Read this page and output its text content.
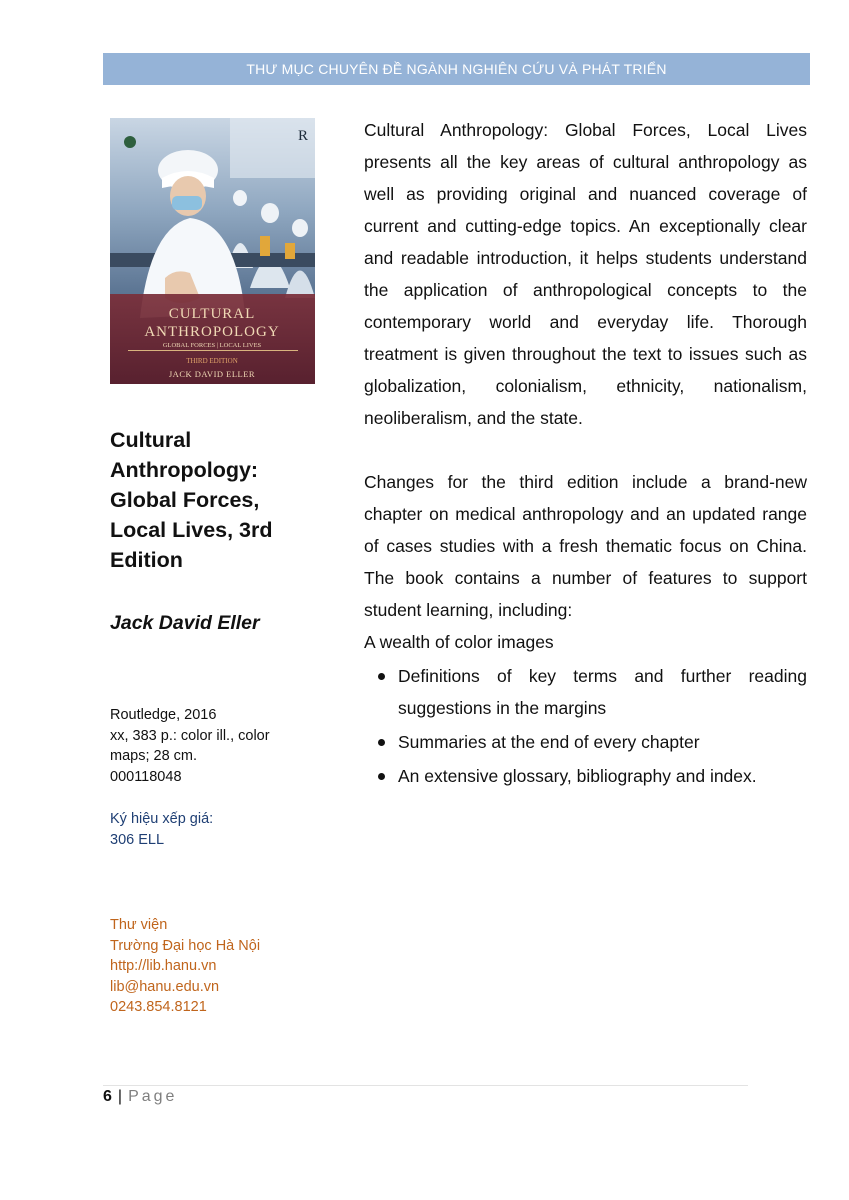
THƯ MỤC CHUYÊN ĐỀ NGÀNH NGHIÊN CỨU VÀ PHÁT TRIỂN
R
CULTURAL
ANTHROPOLOGY
GLOBAL FORCES | LOCAL LIVES
THIRD EDITION
JACK DAVID ELLER
Cultural Anthropology: Global Forces, Local Lives, 3rd Edition
Jack David Eller
Routledge, 2016
xx, 383 p.: color ill., color
maps; 28 cm.
000118048
Ký hiệu xếp giá:
306 ELL
Thư viện
Trường Đại học Hà Nội
http://lib.hanu.vn
lib@hanu.edu.vn
0243.854.8121

Cultural Anthropology: Global Forces, Local Lives presents all the key areas of cultural anthropology as well as providing original and nuanced coverage of current and cutting-edge topics. An exceptionally clear and readable introduction, it helps students understand the application of anthropological concepts to the contemporary world and everyday life. Thorough treatment is given throughout the text to issues such as globalization, colonialism, ethnicity, nationalism, neoliberalism, and the state.

Changes for the third edition include a brand-new chapter on medical anthropology and an updated range of cases studies with a fresh thematic focus on China. The book contains a number of features to support student learning, including:

A wealth of color images
Definitions of key terms and further reading suggestions in the margins
Summaries at the end of every chapter
An extensive glossary, bibliography and index.
6 | Page
